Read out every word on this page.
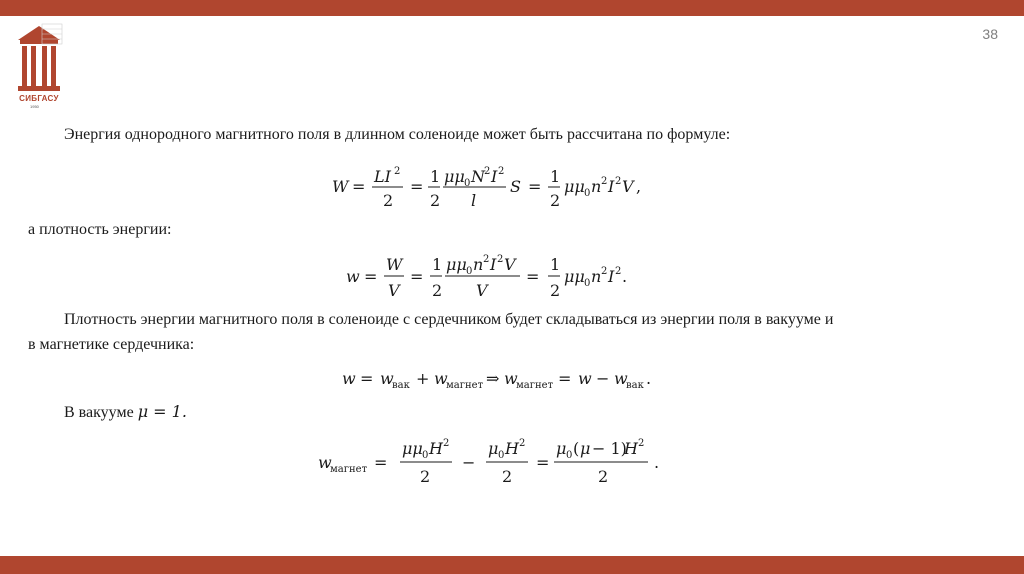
38
СИБГАСУ
1950
Энергия однородного магнитного поля в длинном соленоиде может быть рассчитана по формуле:
W =
LI 2
2
=
1
2
μμ 0 N 2 I 2
l
S =
1
2
μμ 0 n 2 I 2 V ,
а плотность энергии:
w =
W
V
=
1
2
μμ 0 n 2 I 2 V
V
=
1
2
μμ 0 n 2 I 2 .
Плотность энергии магнитного поля в соленоиде с сердечником будет складываться из энергии поля в вакууме и
в магнетике сердечника:
w = w
вак + w
магнет ⇒ w
магнет = w − w
вак .
В вакууме μ = 1.
w
магнет =
μμ 0 H 2
2
−
μ 0 H 2
2
=
μ 0 ( μ − 1)
H 2
2
.
